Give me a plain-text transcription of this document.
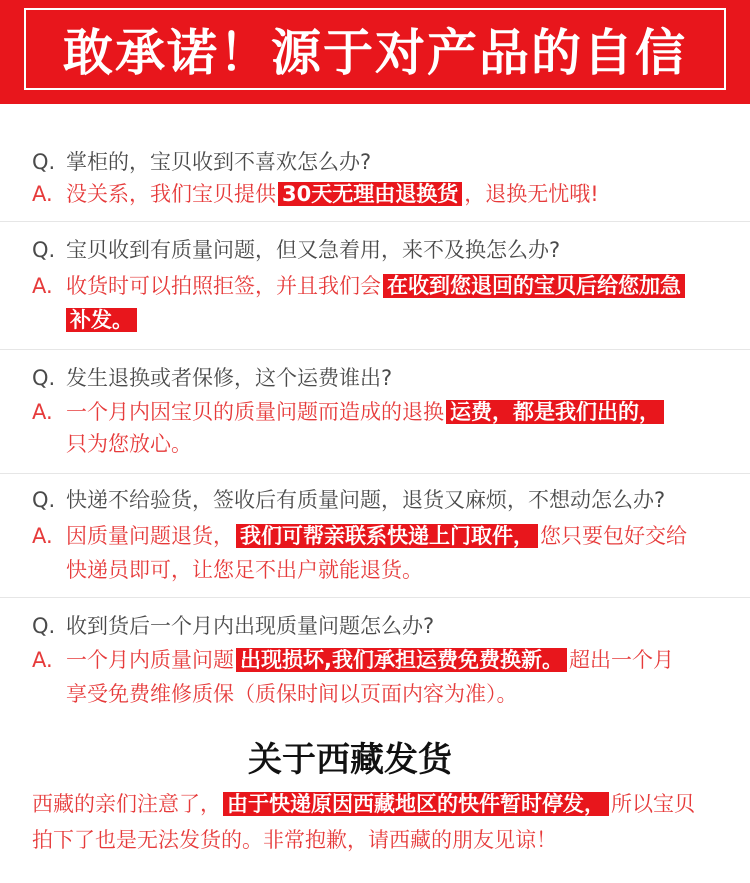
敢承诺！源于对产品的自信
Q. 掌柜的，宝贝收到不喜欢怎么办?
A. 没关系，我们宝贝提供 30天无理由退换货 ，退换无忧哦!
Q. 宝贝收到有质量问题，但又急着用，来不及换怎么办?
A. 收货时可以拍照拒签，并且我们会 在收到您退回的宝贝后给您加急
补发。
Q. 发生退换或者保修，这个运费谁出?
A. 一个月内因宝贝的质量问题而造成的退换 运费，都是我们出的，
只为您放心。
Q. 快递不给验货，签收后有质量问题，退货又麻烦，不想动怎么办?
A. 因质量问题退货， 我们可帮亲联系快递上门取件， 您只要包好交给
快递员即可，让您足不出户就能退货。
Q. 收到货后一个月内出现质量问题怎么办?
A. 一个月内质量问题 出现损坏,我们承担运费免费换新。 超出一个月
享受免费维修质保（质保时间以页面内容为准）。
关于西藏发货
西藏的亲们注意了， 由于快递原因西藏地区的快件暂时停发， 所以宝贝
拍下了也是无法发货的。非常抱歉，请西藏的朋友见谅！
